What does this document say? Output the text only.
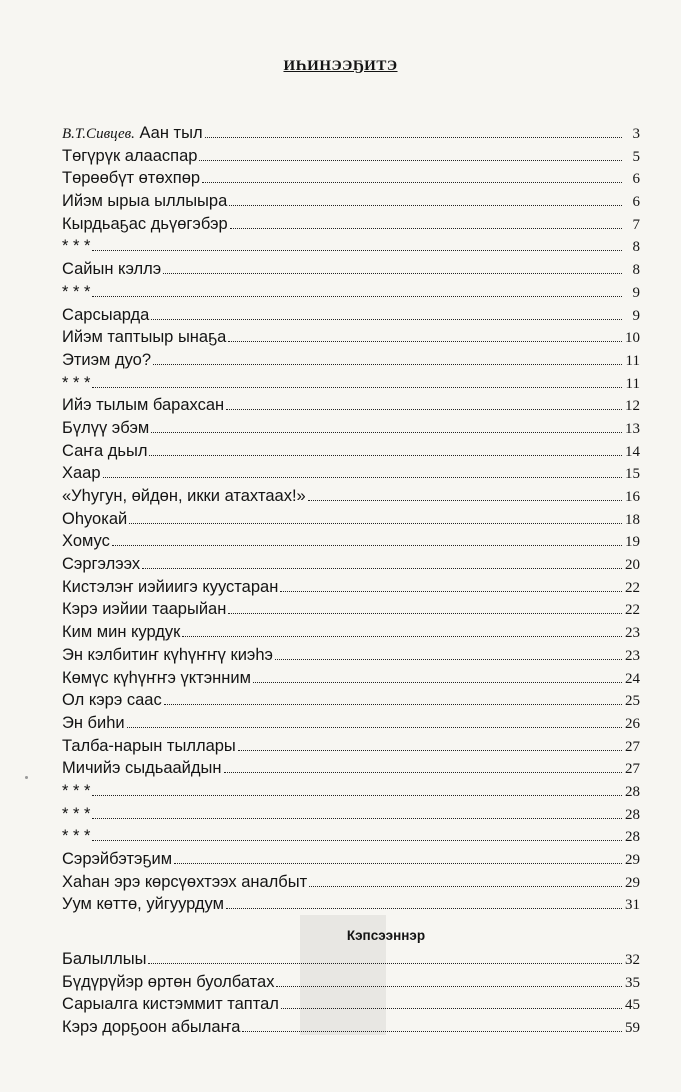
ИҺИНЭЭҔИТЭ
В.Т.Сивцев. Аан тыл	3
Төгүрүк алааспар	5
Төрөөбүт өтөхпөр	6
Ийэм ырыа ыллыыра	6
Кырдьаҕас дьүөгэбэр	7
* * *	8
Сайын кэллэ	8
* * *	9
Сарсыарда	9
Ийэм таптыыр ынаҕа	10
Этиэм дуо?	11
* * *	11
Ийэ тылым барахсан	12
Бүлүү эбэм	13
Саҥа дьыл	14
Хаар	15
«Уһугун, өйдөн, икки атахтаах!»	16
Оһуокай	18
Хомус	19
Сэргэлээх	20
Кистэлэҥ иэйиигэ куустаран	22
Кэрэ иэйии таарыйан	22
Ким мин курдук	23
Эн кэлбитиҥ күһүҥҥү киэһэ	23
Көмүс күһүҥҥэ үктэнним	24
Ол кэрэ саас	25
Эн биһи	26
Талба-нарын тыллары	27
Мичийэ сыдьаайдын	27
* * *	28
* * *	28
* * *	28
Сэрэйбэтэҕим	29
Хаһан эрэ көрсүөхтээх аналбыт	29
Уум көттө, уйгуурдум	31
Кэпсээннэр
Балыллыы	32
Бүдүрүйэр өртөн буолбатах	35
Сарыалга кистэммит таптал	45
Кэрэ дорҕоон абылаҥа	59
